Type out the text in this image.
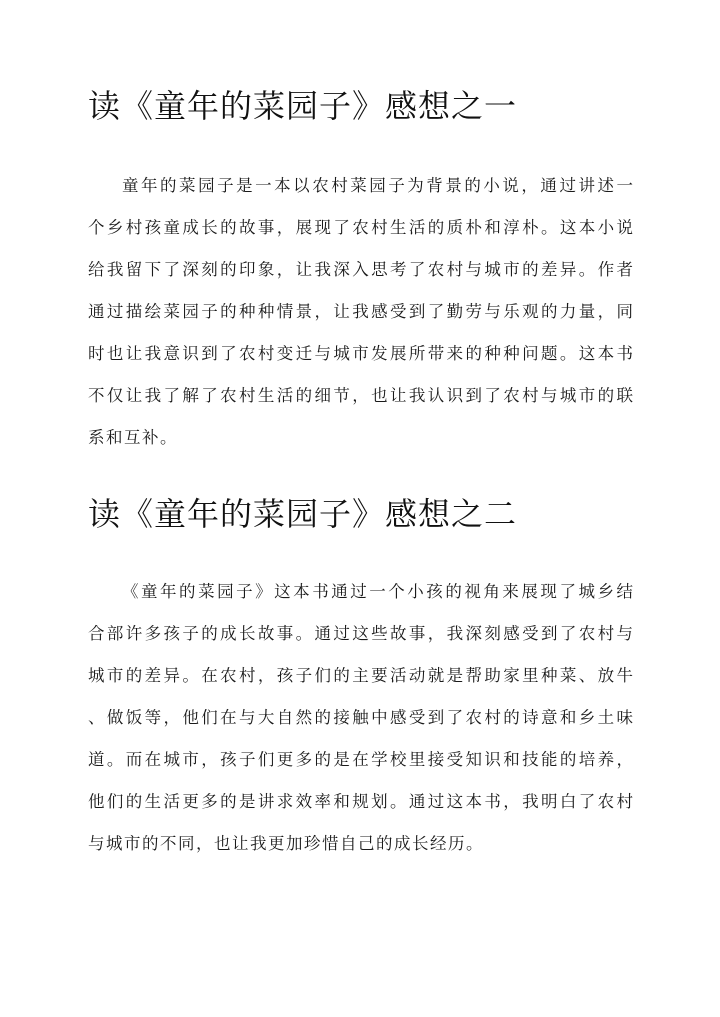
读《童年的菜园子》感想之一

童年的菜园子是一本以农村菜园子为背景的小说，通过讲述一

个乡村孩童成长的故事，展现了农村生活的质朴和淳朴。这本小说

给我留下了深刻的印象，让我深入思考了农村与城市的差异。作者

通过描绘菜园子的种种情景，让我感受到了勤劳与乐观的力量，同

时也让我意识到了农村变迁与城市发展所带来的种种问题。这本书

不仅让我了解了农村生活的细节，也让我认识到了农村与城市的联

系和互补。

读《童年的菜园子》感想之二

《童年的菜园子》这本书通过一个小孩的视角来展现了城乡结

合部许多孩子的成长故事。通过这些故事，我深刻感受到了农村与

城市的差异。在农村，孩子们的主要活动就是帮助家里种菜、放牛

、做饭等，他们在与大自然的接触中感受到了农村的诗意和乡土味

道。而在城市，孩子们更多的是在学校里接受知识和技能的培养，

他们的生活更多的是讲求效率和规划。通过这本书，我明白了农村

与城市的不同，也让我更加珍惜自己的成长经历。
